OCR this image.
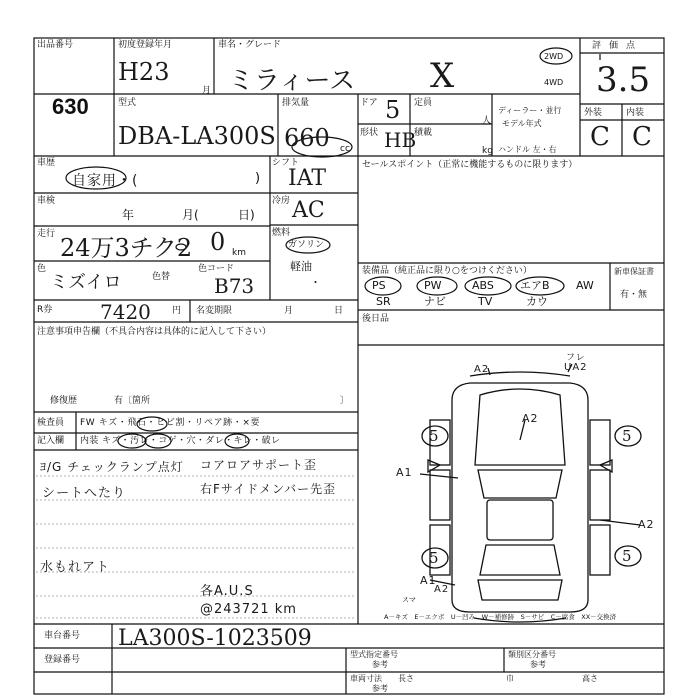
出品番号
630
初度登録年月
H23
月
車名・グレード
ミラィース X	2WD
4WD
評価点
3.5
型式
DBA-LA300S
排気量
660 cc
ドア 5 定員
人
形状 HB
積載
kg
ディーラー・並行
モデル年式
ハンドル 左・右
外装	内装
C C
車歴
自家用・(	)
車検
年	月(	日)
走行 24万3チク2 0 km
色
ミズイロ	色替
色コード
B73
R券 7420 円 名変期限	月	日
シフト
IAT
冷房 AC
燃料
ガソリン
軽油
・
注意事項申告欄（不具合内容は具体的に記入して下さい）
修復歴	有〔箇所	〕
セールスポイント（正常に機能するものに限ります）
装備品（純正品に限り○をつけください）
PS	PW	ABS エアB AW
SR	ナビ	TV	カウ
新車保証書
有・無
後日品
検査員 FW キズ・飛石・ヒビ割・リペア跡・×要
記入欄 内装 キズ・汚レ・コゲ・穴・ダレ・キレ・破レ
ﾖ/G チェックランプ点灯 コアロアサポート歪
シートへたり	右Fサイドメンバー先歪
水もれアト
各A.U.S
@243721 km
A2
フレ
UA2
A2
5	5
A1
A2
5	5
A1
A2
スマ
A－キズ　E－エクボ　U－凹み　W－補修跡　S－サビ　C－腐食　XX－交換済
車台番号 LA300S-1023509
登録番号
型式指定番号
参考
類別区分番号
参考
車両寸法
参考
長さ	巾	高さ
